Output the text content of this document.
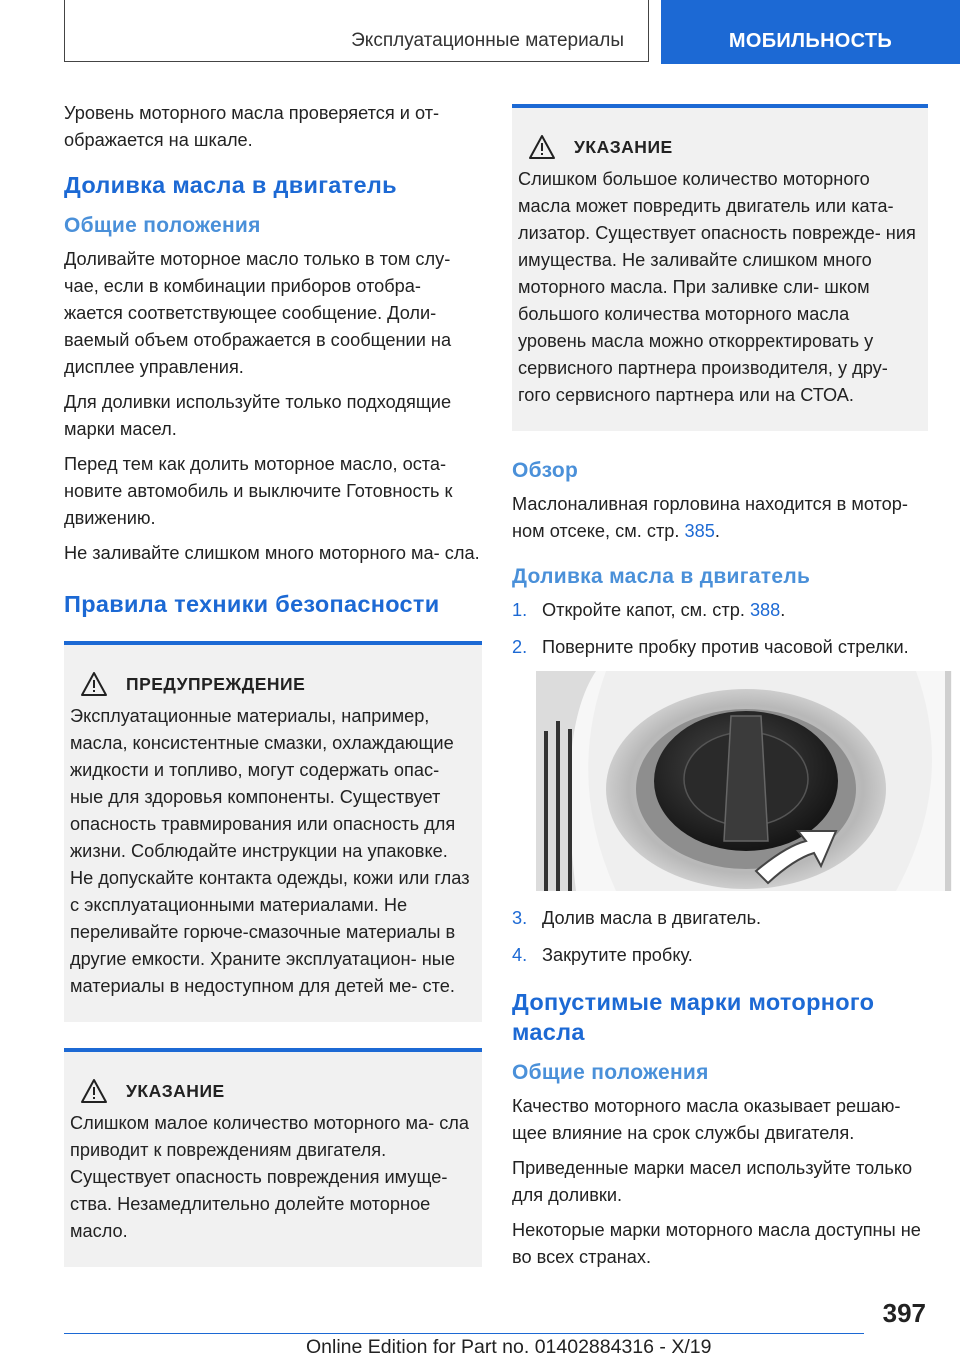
Эксплуатационные материалы	МОБИЛЬНОСТЬ

Уровень моторного масла проверяется и от- ображается на шкале.

Доливка масла в двигатель
Общие положения

Доливайте моторное масло только в том слу- чае, если в комбинации приборов отобра- жается соответствующее сообщение. Доли- ваемый объем отображается в сообщении на дисплее управления.

Для доливки используйте только подходящие марки масел.

Перед тем как долить моторное масло, оста- новите автомобиль и выключите Готовность к движению.

Не заливайте слишком много моторного ма- сла.

Правила техники безопасности
ПРЕДУПРЕЖДЕНИЕ

Эксплуатационные материалы, например, масла, консистентные смазки, охлаждающие жидкости и топливо, могут содержать опас- ные для здоровья компоненты. Существует опасность травмирования или опасность для жизни. Соблюдайте инструкции на упаковке. Не допускайте контакта одежды, кожи или глаз с эксплуатационными материалами. Не переливайте горюче-смазочные материалы в другие емкости. Храните эксплуатацион- ные материалы в недоступном для детей ме- сте.

УКАЗАНИЕ

Слишком малое количество моторного ма- сла приводит к повреждениям двигателя. Существует опасность повреждения имуще- ства. Незамедлительно долейте моторное масло.

УКАЗАНИЕ

Слишком большое количество моторного масла может повредить двигатель или ката- лизатор. Существует опасность поврежде- ния имущества. Не заливайте слишком много моторного масла. При заливке сли- шком большого количества моторного масла уровень масла можно откорректировать у сервисного партнера производителя, у дру- гого сервисного партнера или на СТОА.

Обзор

Маслоналивная горловина находится в мотор- ном отсеке, см. стр. 385.

Доливка масла в двигатель
1. Откройте капот, см. стр. 388.
2. Поверните пробку против часовой стрелки.
3. Долив масла в двигатель.
4. Закрутите пробку.
Допустимые марки моторного масла
Общие положения

Качество моторного масла оказывает решаю- щее влияние на срок службы двигателя.

Приведенные марки масел используйте только для доливки.

Некоторые марки моторного масла доступны не во всех странах.

397
Online Edition for Part no. 01402884316 - X/19
